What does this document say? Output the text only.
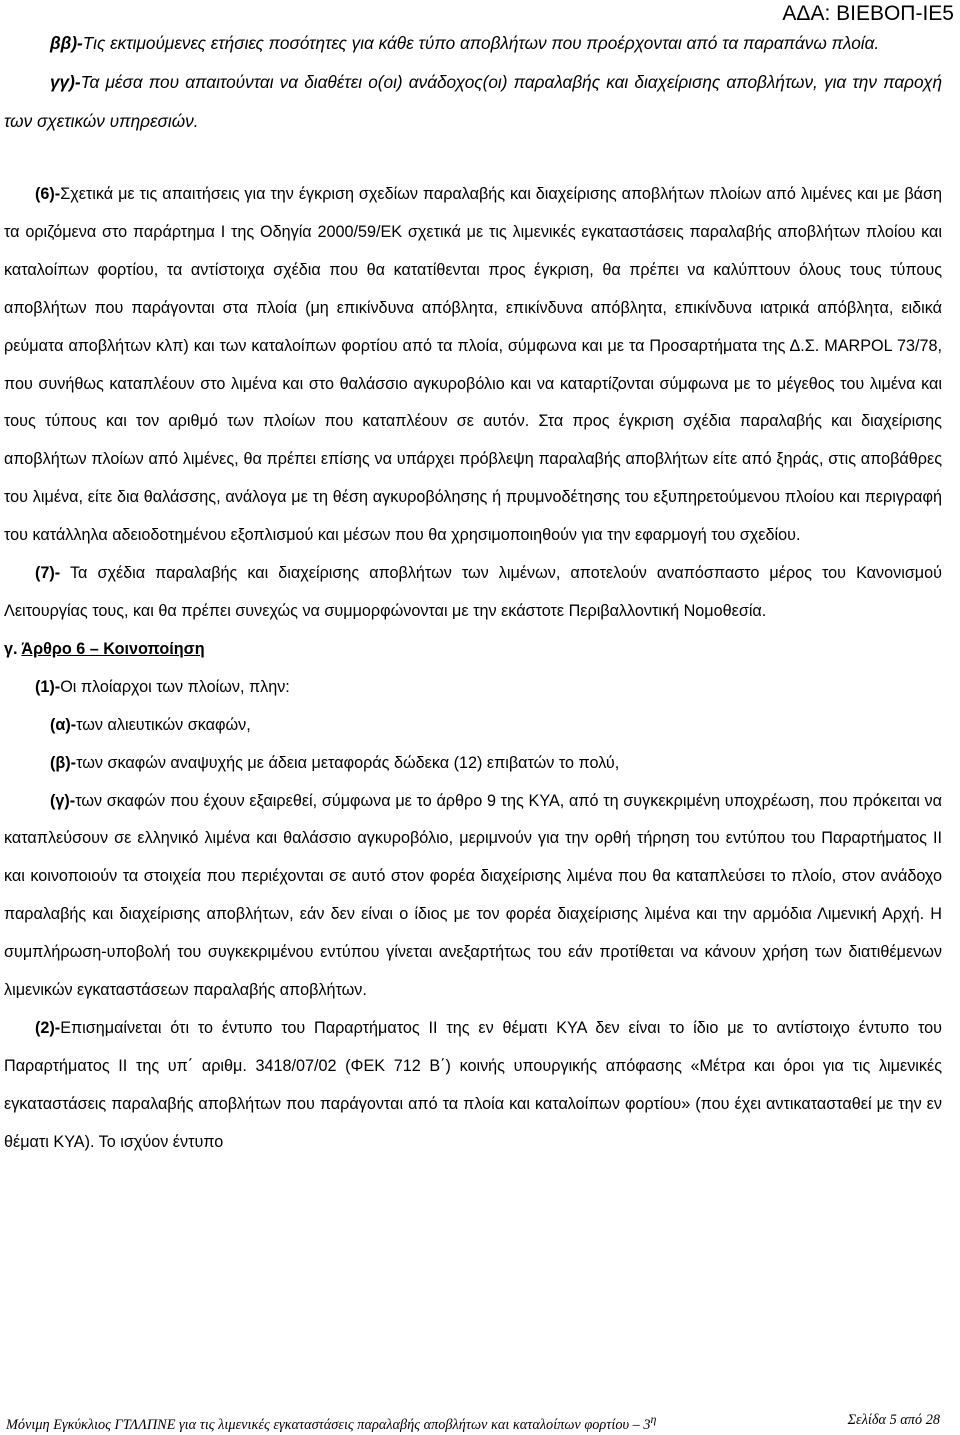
ΑΔΑ: ΒΙΕΒΟΠ-ΙΕ5

ββ)-Τις εκτιμούμενες ετήσιες ποσότητες για κάθε τύπο αποβλήτων που προέρχονται από τα παραπάνω πλοία.

γγ)-Τα μέσα που απαιτούνται να διαθέτει ο(οι) ανάδοχος(οι) παραλαβής και διαχείρισης αποβλήτων, για την παροχή των σχετικών υπηρεσιών.

(6)-Σχετικά με τις απαιτήσεις για την έγκριση σχεδίων παραλαβής και διαχείρισης αποβλήτων πλοίων από λιμένες και με βάση τα οριζόμενα στο παράρτημα Ι της Οδηγία 2000/59/ΕΚ σχετικά με τις λιμενικές εγκαταστάσεις παραλαβής αποβλήτων πλοίου και καταλοίπων φορτίου, τα αντίστοιχα σχέδια που θα κατατίθενται προς έγκριση, θα πρέπει να καλύπτουν όλους τους τύπους αποβλήτων που παράγονται στα πλοία (μη επικίνδυνα απόβλητα, επικίνδυνα απόβλητα, επικίνδυνα ιατρικά απόβλητα, ειδικά ρεύματα αποβλήτων κλπ) και των καταλοίπων φορτίου από τα πλοία, σύμφωνα και με τα Προσαρτήματα της Δ.Σ. MARPOL 73/78, που συνήθως καταπλέουν στο λιμένα και στο θαλάσσιο αγκυροβόλιο και να καταρτίζονται σύμφωνα με το μέγεθος του λιμένα και τους τύπους και τον αριθμό των πλοίων που καταπλέουν σε αυτόν. Στα προς έγκριση σχέδια παραλαβής και διαχείρισης αποβλήτων πλοίων από λιμένες, θα πρέπει επίσης να υπάρχει πρόβλεψη παραλαβής αποβλήτων είτε από ξηράς, στις αποβάθρες του λιμένα, είτε δια θαλάσσης, ανάλογα με τη θέση αγκυροβόλησης ή πρυμνοδέτησης του εξυπηρετούμενου πλοίου και περιγραφή του κατάλληλα αδειοδοτημένου εξοπλισμού και μέσων που θα χρησιμοποιηθούν για την εφαρμογή του σχεδίου.

(7)- Τα σχέδια παραλαβής και διαχείρισης αποβλήτων των λιμένων, αποτελούν αναπόσπαστο μέρος του Κανονισμού Λειτουργίας τους, και θα πρέπει συνεχώς να συμμορφώνονται με την εκάστοτε Περιβαλλοντική Νομοθεσία.

γ. Άρθρο 6 – Κοινοποίηση

(1)-Οι πλοίαρχοι των πλοίων, πλην:

(α)-των αλιευτικών σκαφών,

(β)-των σκαφών αναψυχής με άδεια μεταφοράς δώδεκα (12) επιβατών το πολύ,

(γ)-των σκαφών που έχουν εξαιρεθεί, σύμφωνα με το άρθρο 9 της ΚΥΑ, από τη συγκεκριμένη υποχρέωση, που πρόκειται να καταπλεύσουν σε ελληνικό λιμένα και θαλάσσιο αγκυροβόλιο, μεριμνούν για την ορθή τήρηση του εντύπου του Παραρτήματος ΙΙ και κοινοποιούν τα στοιχεία που περιέχονται σε αυτό στον φορέα διαχείρισης λιμένα που θα καταπλεύσει το πλοίο, στον ανάδοχο παραλαβής και διαχείρισης αποβλήτων, εάν δεν είναι ο ίδιος με τον φορέα διαχείρισης λιμένα και την αρμόδια Λιμενική Αρχή. Η συμπλήρωση-υποβολή του συγκεκριμένου εντύπου γίνεται ανεξαρτήτως του εάν προτίθεται να κάνουν χρήση των διατιθέμενων λιμενικών εγκαταστάσεων παραλαβής αποβλήτων.

(2)-Επισημαίνεται ότι το έντυπο του Παραρτήματος ΙΙ της εν θέματι ΚΥΑ δεν είναι το ίδιο με το αντίστοιχο έντυπο του Παραρτήματος ΙΙ της υπ΄ αριθμ. 3418/07/02 (ΦΕΚ 712 Β΄) κοινής υπουργικής απόφασης «Μέτρα και όροι για τις λιμενικές εγκαταστάσεις παραλαβής αποβλήτων που παράγονται από τα πλοία και καταλοίπων φορτίου» (που έχει αντικατασταθεί με την εν θέματι ΚΥΑ). Το ισχύον έντυπο

Μόνιμη Εγκύκλιος ΓΤΛΛΠΝΕ για τις λιμενικές εγκαταστάσεις παραλαβής αποβλήτων και καταλοίπων φορτίου – $3^\eta$	Σελίδα 5 από 28
